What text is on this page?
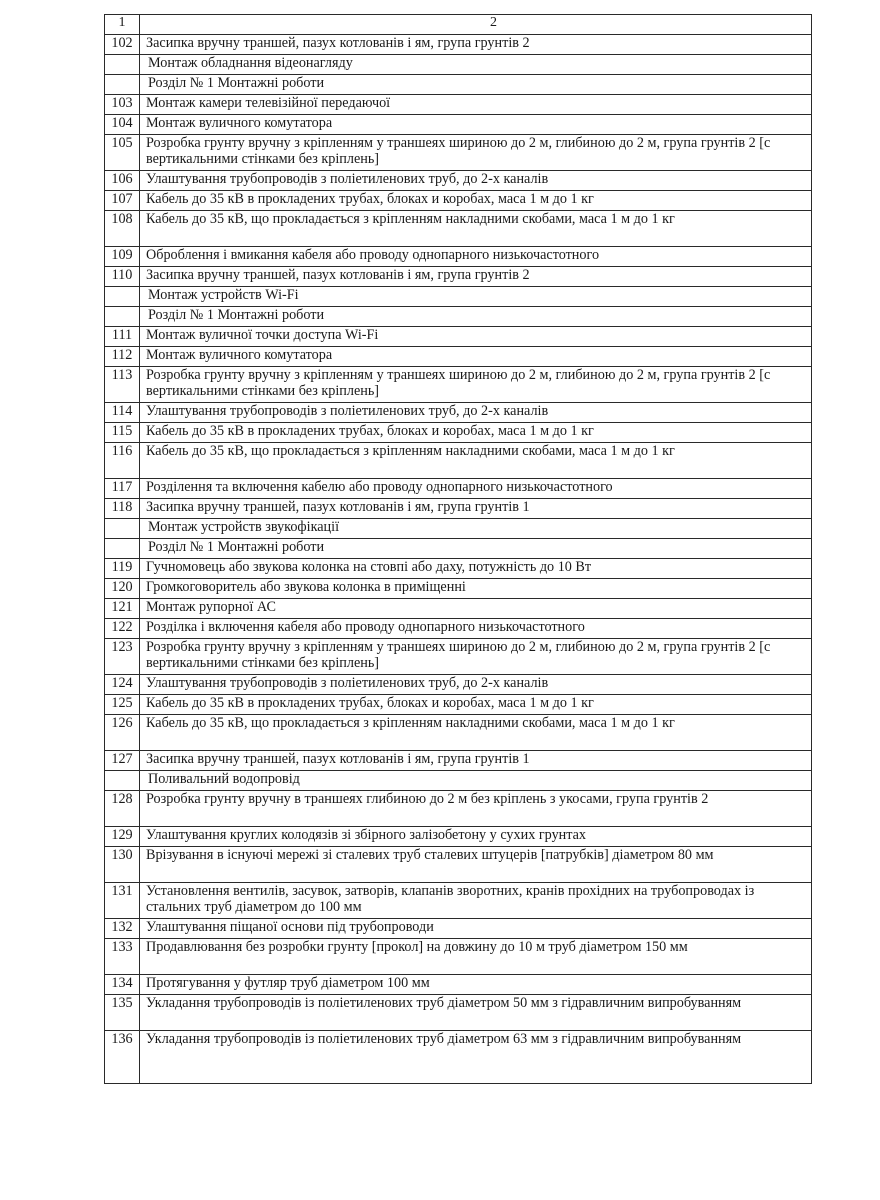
1	2
102	Засипка вручну траншей, пазух котлованів і ям, група грунтів 2
	Монтаж обладнання відеонагляду
	Розділ № 1 Монтажні роботи
103	Монтаж камери телевізійної передаючої
104	Монтаж вуличного комутатора
105	Розробка грунту вручну з кріпленням у траншеях шириною до 2 м, глибиною до 2 м, група грунтів 2 [с вертикальними стінками без кріплень]
106	Улаштування трубопроводів з поліетиленових труб, до 2-х каналів
107	Кабель до 35 кВ в прокладених трубах, блоках и коробах, маса 1 м до 1 кг
108	Кабель до 35 кВ, що прокладається з кріпленням накладними скобами, маса 1 м до 1 кг
109	Оброблення і вмикання кабеля або проводу однопарного низькочастотного
110	Засипка вручну траншей, пазух котлованів і ям, група грунтів 2
	Монтаж устройств Wi-Fi
	Розділ № 1 Монтажні роботи
111	Монтаж вуличної точки доступа Wi-Fi
112	Монтаж вуличного комутатора
113	Розробка грунту вручну з кріпленням у траншеях шириною до 2 м, глибиною до 2 м, група грунтів 2 [с вертикальними стінками без кріплень]
114	Улаштування трубопроводів з поліетиленових труб, до 2-х каналів
115	Кабель до 35 кВ в прокладених трубах, блоках и коробах, маса 1 м до 1 кг
116	Кабель до 35 кВ, що прокладається з кріпленням накладними скобами, маса 1 м до 1 кг
117	Розділення та включення кабелю або проводу однопарного низькочастотного
118	Засипка вручну траншей, пазух котлованів і ям, група грунтів 1
	Монтаж устройств звукофікації
	Розділ № 1 Монтажні роботи
119	Гучномовець або звукова колонка на стовпі або даху, потужність до 10 Вт
120	Громкоговоритель або звукова колонка в приміщенні
121	Монтаж рупорної АС
122	Розділка і включення кабеля або проводу однопарного низькочастотного
123	Розробка грунту вручну з кріпленням у траншеях шириною до 2 м, глибиною до 2 м, група грунтів 2 [с вертикальними стінками без кріплень]
124	Улаштування трубопроводів з поліетиленових труб, до 2-х каналів
125	Кабель до 35 кВ в прокладених трубах, блоках и коробах, маса 1 м до 1 кг
126	Кабель до 35 кВ, що прокладається з кріпленням накладними скобами, маса 1 м до 1 кг
127	Засипка вручну траншей, пазух котлованів і ям, група грунтів 1
	Поливальний водопровід
128	Розробка грунту вручну в траншеях глибиною до 2 м без кріплень з укосами, група грунтів 2
129	Улаштування круглих колодязів зі збірного залізобетону у сухих грунтах
130	Врізування в існуючі мережі зі сталевих труб сталевих штуцерів [патрубків] діаметром 80 мм
131	Установлення вентилів, засувок, затворів, клапанів зворотних, кранів прохідних на трубопроводах із стальних труб діаметром до 100 мм
132	Улаштування піщаної основи під трубопроводи
133	Продавлювання без розробки грунту [прокол] на довжину до 10 м труб діаметром 150 мм
134	Протягування у футляр труб діаметром 100 мм
135	Укладання трубопроводів із поліетиленових труб діаметром 50 мм з гідравличним випробуванням
136	Укладання трубопроводів із поліетиленових труб діаметром 63 мм з гідравличним випробуванням
